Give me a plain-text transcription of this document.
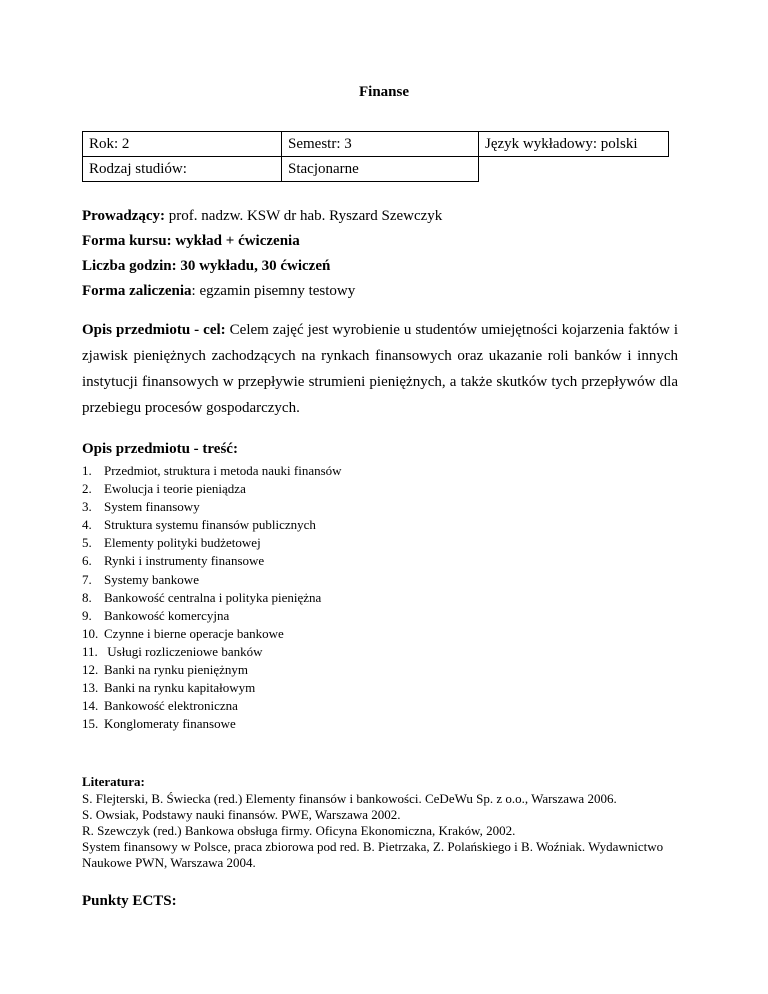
Finanse
Rok: 2	Semestr: 3	Język wykładowy: polski
Rodzaj studiów:	Stacjonarne	
Prowadzący: prof. nadzw. KSW dr hab. Ryszard Szewczyk
Forma kursu: wykład + ćwiczenia
Liczba godzin: 30 wykładu, 30 ćwiczeń
Forma zaliczenia: egzamin pisemny testowy
Opis przedmiotu - cel: Celem zajęć jest wyrobienie u studentów umiejętności kojarzenia faktów i zjawisk pieniężnych zachodzących na rynkach finansowych oraz ukazanie roli banków i innych instytucji finansowych w przepływie strumieni pieniężnych, a także skutków tych przepływów dla przebiegu procesów gospodarczych.
Opis przedmiotu - treść:
1. Przedmiot, struktura i metoda nauki finansów
2. Ewolucja i teorie pieniądza
3. System finansowy
4. Struktura systemu finansów publicznych
5. Elementy polityki budżetowej
6. Rynki i instrumenty finansowe
7. Systemy bankowe
8. Bankowość centralna i polityka pieniężna
9. Bankowość komercyjna
10. Czynne i bierne operacje bankowe
11. Usługi rozliczeniowe banków
12. Banki na rynku pieniężnym
13. Banki na rynku kapitałowym
14. Bankowość elektroniczna
15. Konglomeraty finansowe
Literatura:
S. Flejterski, B. Świecka (red.) Elementy finansów i bankowości. CeDeWu Sp. z o.o., Warszawa 2006.
S. Owsiak, Podstawy nauki finansów. PWE, Warszawa 2002.
R. Szewczyk (red.) Bankowa obsługa firmy. Oficyna Ekonomiczna, Kraków, 2002.
System finansowy w Polsce, praca zbiorowa pod red. B. Pietrzaka, Z. Polańskiego i B. Woźniak. Wydawnictwo Naukowe PWN, Warszawa 2004.
Punkty ECTS:
